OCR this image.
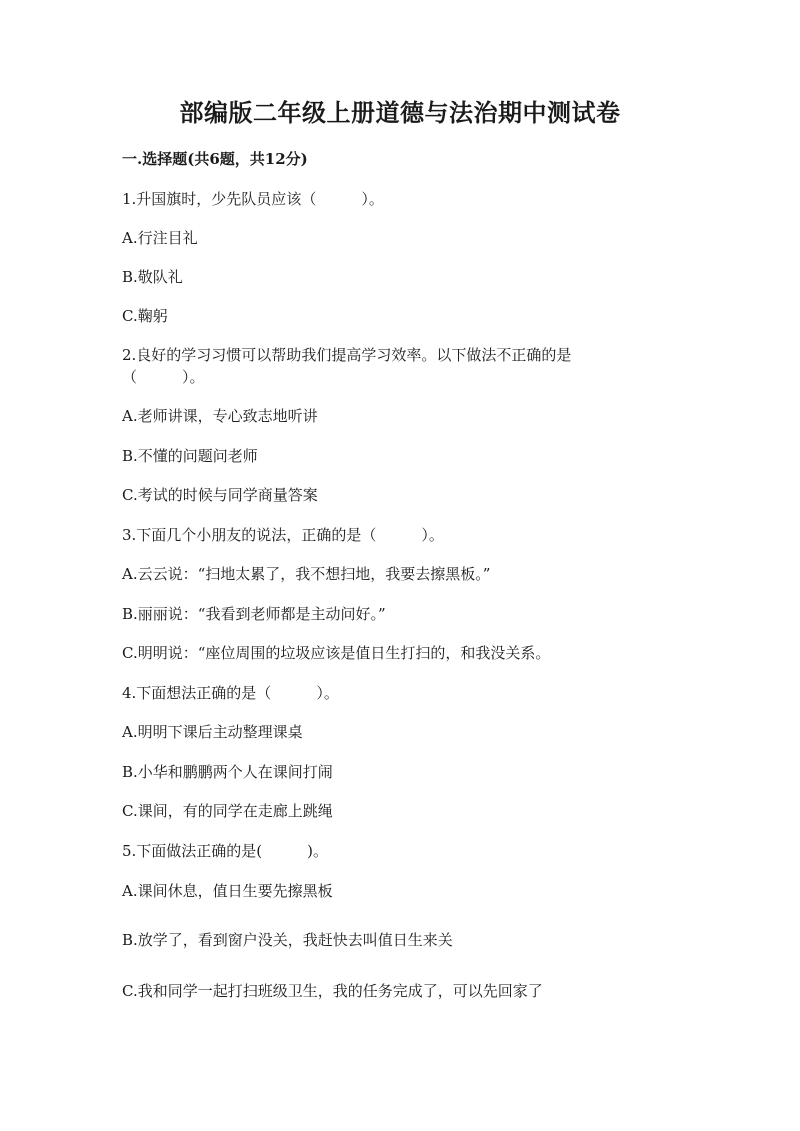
部编版二年级上册道德与法治期中测试卷
一.选择题(共6题，共12分)
1.升国旗时，少先队员应该（　　　）。
A.行注目礼
B.敬队礼
C.鞠躬
2.良好的学习习惯可以帮助我们提高学习效率。以下做法不正确的是
（　　　）。
A.老师讲课，专心致志地听讲
B.不懂的问题问老师
C.考试的时候与同学商量答案
3.下面几个小朋友的说法，正确的是（　　　）。
A.云云说：“扫地太累了，我不想扫地，我要去擦黑板。”
B.丽丽说：“我看到老师都是主动问好。”
C.明明说：“座位周围的垃圾应该是值日生打扫的，和我没关系。
4.下面想法正确的是（　　　）。
A.明明下课后主动整理课桌
B.小华和鹏鹏两个人在课间打闹
C.课间，有的同学在走廊上跳绳
5.下面做法正确的是(　　　)。
A.课间休息，值日生要先擦黑板
B.放学了，看到窗户没关，我赶快去叫值日生来关
C.我和同学一起打扫班级卫生，我的任务完成了，可以先回家了
